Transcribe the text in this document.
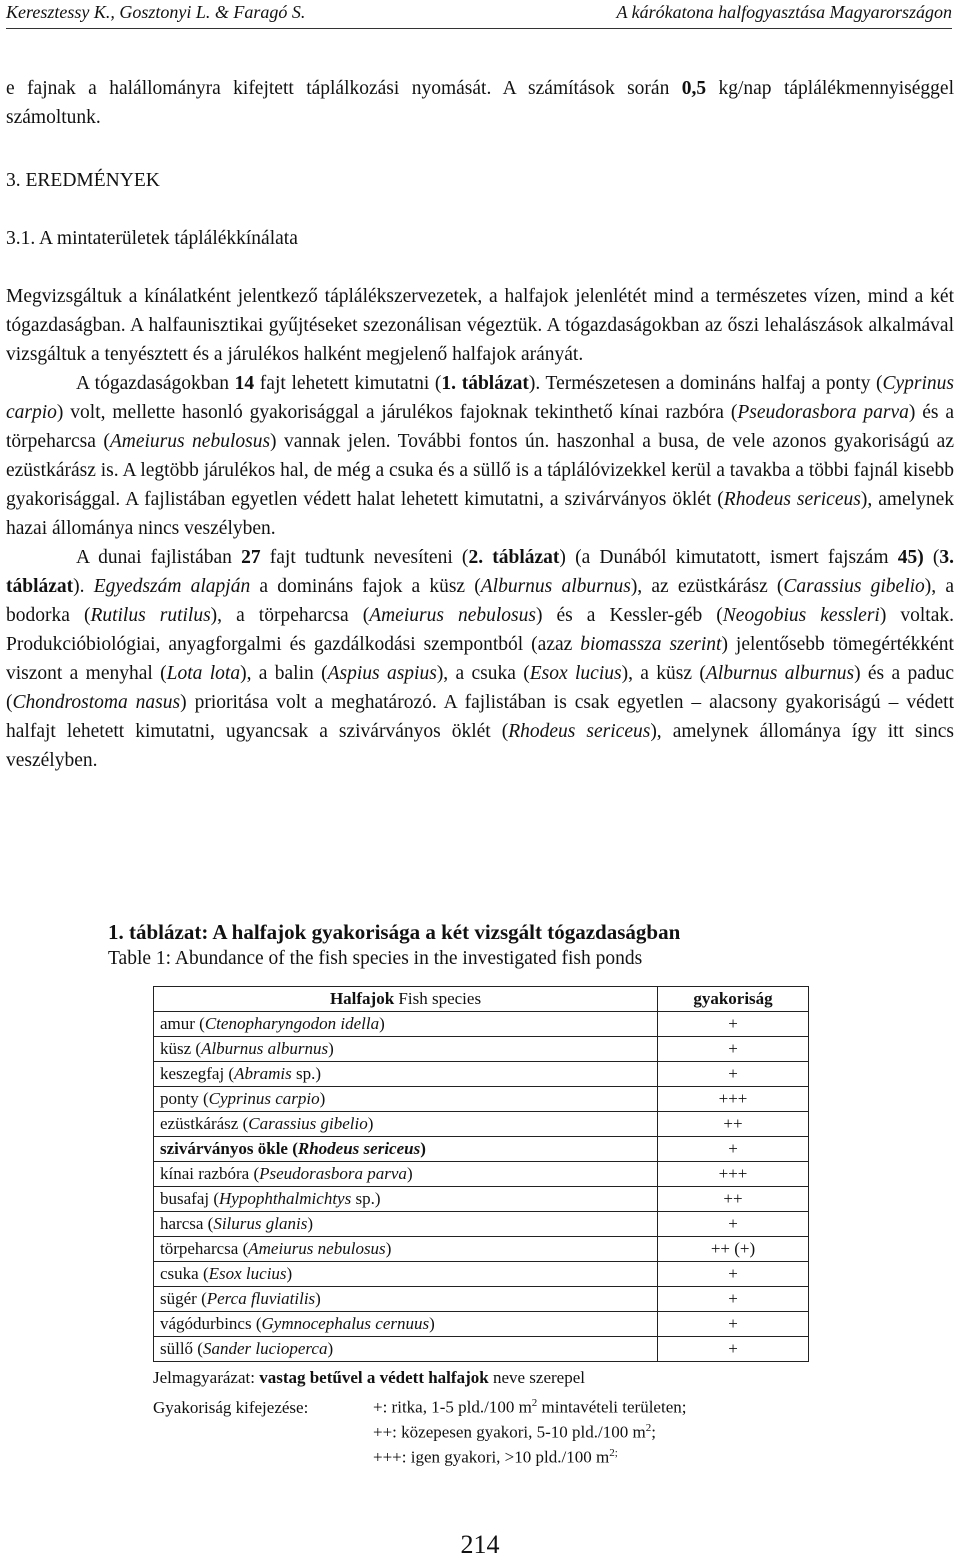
Keresztessy K., Gosztonyi L. & Faragó S.	A kárókatona halfogyasztása Magyarországon

e fajnak a halállományra kifejtett táplálkozási nyomását. A számítások során 0,5 kg/nap táplálékmennyiséggel számoltunk.

3. EREDMÉNYEK
3.1. A mintaterületek táplálékkínálata

Megvizsgáltuk a kínálatként jelentkező táplálékszervezetek, a halfajok jelenlétét mind a természetes vízen, mind a két tógazdaságban. A halfaunisztikai gyűjtéseket szezonálisan végeztük. A tógazdaságokban az őszi lehalászások alkalmával vizsgáltuk a tenyésztett és a járulékos halként megjelenő halfajok arányát.

A tógazdaságokban 14 fajt lehetett kimutatni (1. táblázat). Természetesen a domináns halfaj a ponty (Cyprinus carpio) volt, mellette hasonló gyakorisággal a járulékos fajoknak tekinthető kínai razbóra (Pseudorasbora parva) és a törpeharcsa (Ameiurus nebulosus) vannak jelen. További fontos ún. haszonhal a busa, de vele azonos gyakoriságú az ezüstkárász is. A legtöbb járulékos hal, de még a csuka és a süllő is a táplálóvizekkel kerül a tavakba a többi fajnál kisebb gyakorisággal. A fajlistában egyetlen védett halat lehetett kimutatni, a szivárványos öklét (Rhodeus sericeus), amelynek hazai állománya nincs veszélyben.

A dunai fajlistában 27 fajt tudtunk nevesíteni (2. táblázat) (a Dunából kimutatott, ismert fajszám 45) (3. táblázat). Egyedszám alapján a domináns fajok a küsz (Alburnus alburnus), az ezüstkárász (Carassius gibelio), a bodorka (Rutilus rutilus), a törpeharcsa (Ameiurus nebulosus) és a Kessler-géb (Neogobius kessleri) voltak. Produkcióbiológiai, anyagforgalmi és gazdálkodási szempontból (azaz biomassza szerint) jelentősebb tömegértékként viszont a menyhal (Lota lota), a balin (Aspius aspius), a csuka (Esox lucius), a küsz (Alburnus alburnus) és a paduc (Chondrostoma nasus) prioritása volt a meghatározó. A fajlistában is csak egyetlen – alacsony gyakoriságú – védett halfajt lehetett kimutatni, ugyancsak a szivárványos öklét (Rhodeus sericeus), amelynek állománya így itt sincs veszélyben.

1. táblázat: A halfajok gyakorisága a két vizsgált tógazdaságban
Table 1: Abundance of the fish species in the investigated fish ponds
Halfajok Fish species	gyakoriság
amur (Ctenopharyngodon idella)	+
küsz (Alburnus alburnus)	+
keszegfaj (Abramis sp.)	+
ponty (Cyprinus carpio)	+++
ezüstkárász (Carassius gibelio)	++
szivárványos ökle (Rhodeus sericeus)	+
kínai razbóra (Pseudorasbora parva)	+++
busafaj (Hypophthalmichtys sp.)	++
harcsa (Silurus glanis)	+
törpeharcsa (Ameiurus nebulosus)	++ (+)
csuka (Esox lucius)	+
sügér (Perca fluviatilis)	+
vágódurbincs (Gymnocephalus cernuus)	+
süllő (Sander lucioperca)	+
Jelmagyarázat: vastag betűvel a védett halfajok neve szerepel
Gyakoriság kifejezése:	+: ritka, 1-5 pld./100 $m^2$ mintavételi területen;
++: közepesen gyakori, 5-10 pld./100 $m^2$;
+++: igen gyakori, >10 pld./100 $m^{2;}$
214
